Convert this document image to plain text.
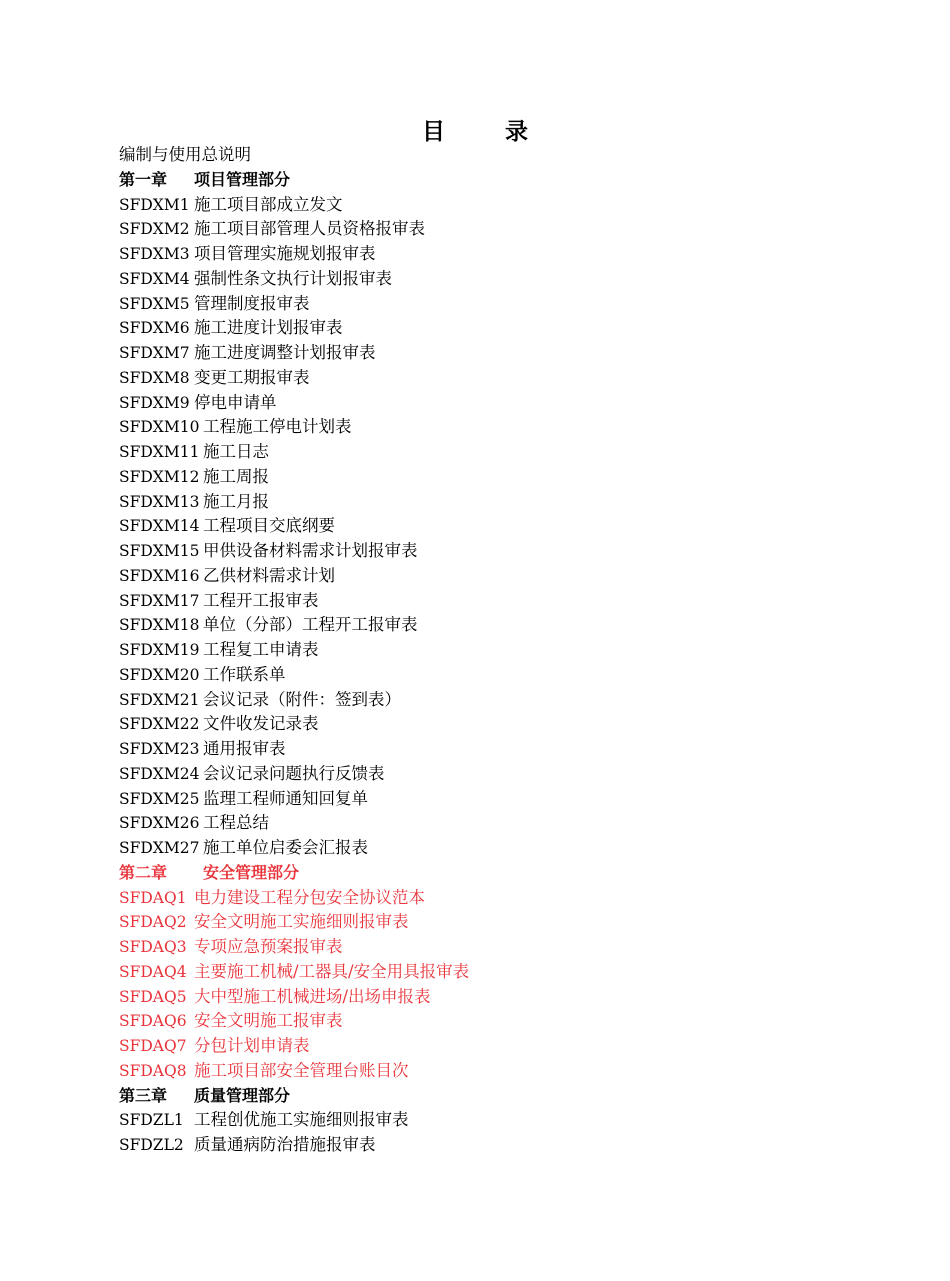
目	录
编制与使用总说明
第一章 项目管理部分
SFDXM1 施工项目部成立发文
SFDXM2 施工项目部管理人员资格报审表
SFDXM3 项目管理实施规划报审表
SFDXM4 强制性条文执行计划报审表
SFDXM5 管理制度报审表
SFDXM6 施工进度计划报审表
SFDXM7 施工进度调整计划报审表
SFDXM8 变更工期报审表
SFDXM9 停电申请单
SFDXM10 工程施工停电计划表
SFDXM11 施工日志
SFDXM12 施工周报
SFDXM13 施工月报
SFDXM14 工程项目交底纲要
SFDXM15 甲供设备材料需求计划报审表
SFDXM16 乙供材料需求计划
SFDXM17 工程开工报审表
SFDXM18 单位（分部）工程开工报审表
SFDXM19 工程复工申请表
SFDXM20 工作联系单
SFDXM21 会议记录（附件：签到表）
SFDXM22 文件收发记录表
SFDXM23 通用报审表
SFDXM24 会议记录问题执行反馈表
SFDXM25 监理工程师通知回复单
SFDXM26 工程总结
SFDXM27 施工单位启委会汇报表
第二章 安全管理部分
SFDAQ1 电力建设工程分包安全协议范本
SFDAQ2 安全文明施工实施细则报审表
SFDAQ3 专项应急预案报审表
SFDAQ4 主要施工机械/工器具/安全用具报审表
SFDAQ5 大中型施工机械进场/出场申报表
SFDAQ6 安全文明施工报审表
SFDAQ7 分包计划申请表
SFDAQ8 施工项目部安全管理台账目次
第三章 质量管理部分
SFDZL1 工程创优施工实施细则报审表
SFDZL2 质量通病防治措施报审表
